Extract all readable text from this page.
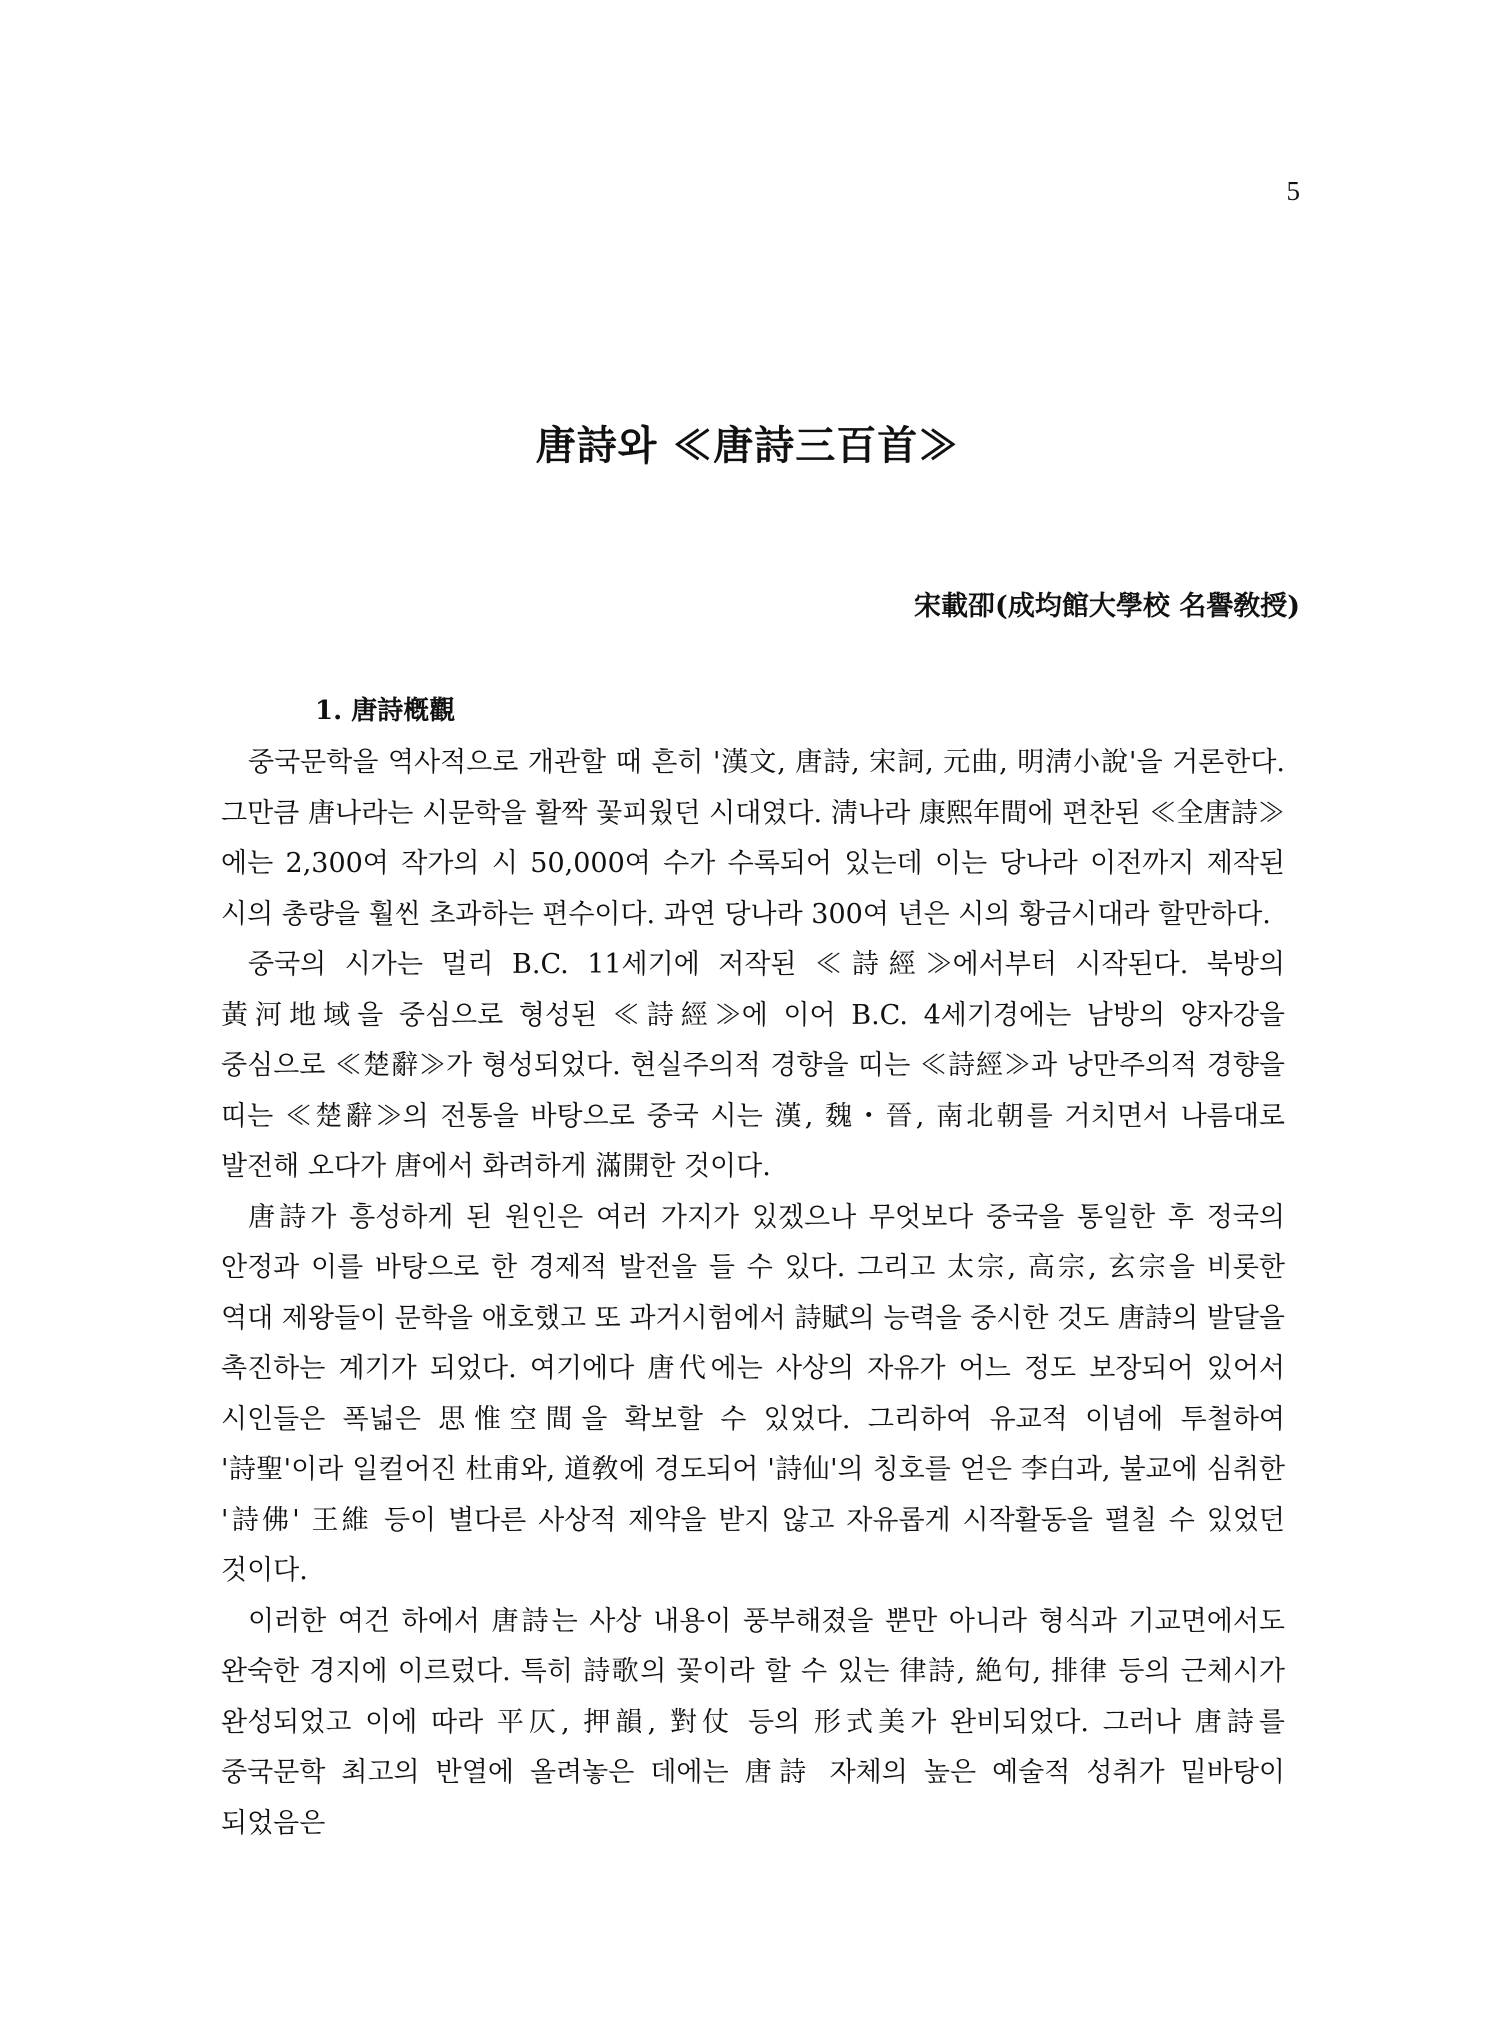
5
唐詩와 ≪唐詩三百首≫
宋載卲(成均館大學校 名譽敎授)
1. 唐詩槪觀

중국문학을 역사적으로 개관할 때 흔히 '漢文, 唐詩, 宋詞, 元曲, 明淸小說'을 거론한다. 그만큼 唐나라는 시문학을 활짝 꽃피웠던 시대였다. 淸나라 康熙年間에 편찬된 ≪全唐詩≫에는 2,300여 작가의 시 50,000여 수가 수록되어 있는데 이는 당나라 이전까지 제작된 시의 총량을 훨씬 초과하는 편수이다. 과연 당나라 300여 년은 시의 황금시대라 할만하다.

중국의 시가는 멀리 B.C. 11세기에 저작된 ≪詩經≫에서부터 시작된다. 북방의 黃河地域을 중심으로 형성된 ≪詩經≫에 이어 B.C. 4세기경에는 남방의 양자강을 중심으로 ≪楚辭≫가 형성되었다. 현실주의적 경향을 띠는 ≪詩經≫과 낭만주의적 경향을 띠는 ≪楚辭≫의 전통을 바탕으로 중국 시는 漢, 魏・晉, 南北朝를 거치면서 나름대로 발전해 오다가 唐에서 화려하게 滿開한 것이다.

唐詩가 흥성하게 된 원인은 여러 가지가 있겠으나 무엇보다 중국을 통일한 후 정국의 안정과 이를 바탕으로 한 경제적 발전을 들 수 있다. 그리고 太宗, 高宗, 玄宗을 비롯한 역대 제왕들이 문학을 애호했고 또 과거시험에서 詩賦의 능력을 중시한 것도 唐詩의 발달을 촉진하는 계기가 되었다. 여기에다 唐代에는 사상의 자유가 어느 정도 보장되어 있어서 시인들은 폭넓은 思惟空間을 확보할 수 있었다. 그리하여 유교적 이념에 투철하여 '詩聖'이라 일컬어진 杜甫와, 道敎에 경도되어 '詩仙'의 칭호를 얻은 李白과, 불교에 심취한 '詩佛' 王維 등이 별다른 사상적 제약을 받지 않고 자유롭게 시작활동을 펼칠 수 있었던 것이다.

이러한 여건 하에서 唐詩는 사상 내용이 풍부해졌을 뿐만 아니라 형식과 기교면에서도 완숙한 경지에 이르렀다. 특히 詩歌의 꽃이라 할 수 있는 律詩, 絶句, 排律 등의 근체시가 완성되었고 이에 따라 平仄, 押韻, 對仗 등의 形式美가 완비되었다. 그러나 唐詩를 중국문학 최고의 반열에 올려놓은 데에는 唐詩 자체의 높은 예술적 성취가 밑바탕이 되었음은
